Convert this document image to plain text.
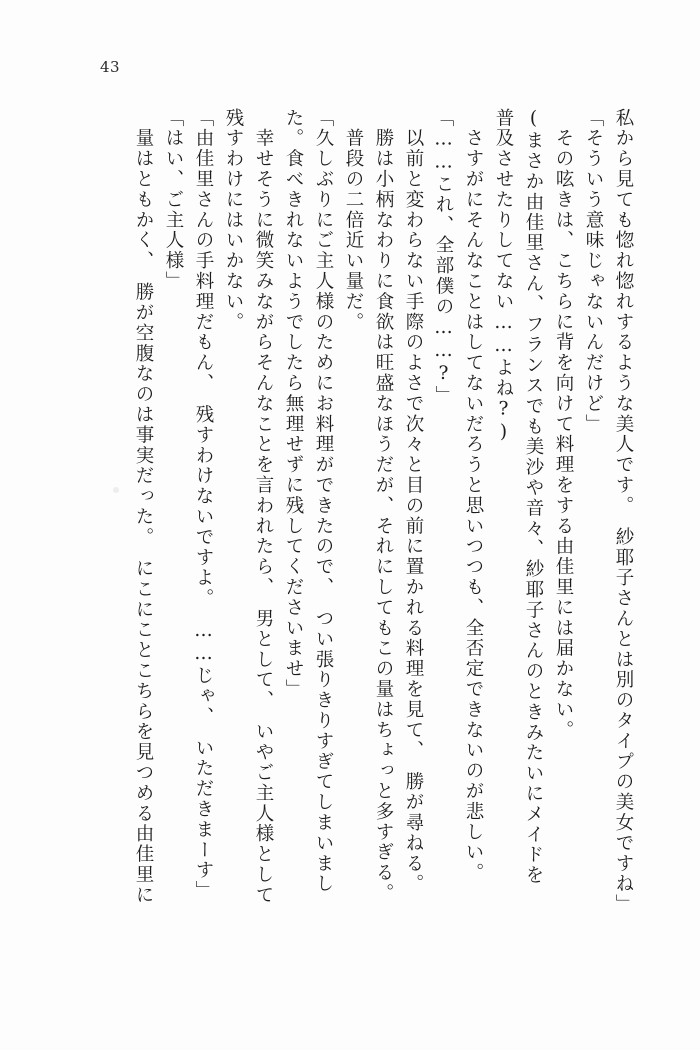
43
私から見ても惚れ惚れするような美人です。　紗耶子さんとは別のタイプの美女ですね」
「そういう意味じゃないんだけど」
　その呟きは、こちらに背を向けて料理をする由佳里には届かない。
(まさか由佳里さん、フランスでも美沙や音々、紗耶子さんのときみたいにメイドを
普及させたりしてない……よね?)
　さすがにそんなことはしてないだろうと思いつつも、全否定できないのが悲しい。
「……これ、全部僕の……?」
　以前と変わらない手際のよさで次々と目の前に置かれる料理を見て、　勝が尋ねる。
　勝は小柄なわりに食欲は旺盛なほうだが、それにしてもこの量はちょっと多すぎる。
　普段の二倍近い量だ。
「久しぶりにご主人様のためにお料理ができたので、　つい張りきりすぎてしまいまし
た。食べきれないようでしたら無理せずに残してくださいませ」
　幸せそうに微笑みながらそんなことを言われたら、　男として、　いやご主人様として
残すわけにはいかない。
「由佳里さんの手料理だもん、　残すわけないですよ。　……じゃ、　いただきまーす」
「はい、ご主人様」
　量はともかく、　勝が空腹なのは事実だった。　にこにことこちらを見つめる由佳里に
